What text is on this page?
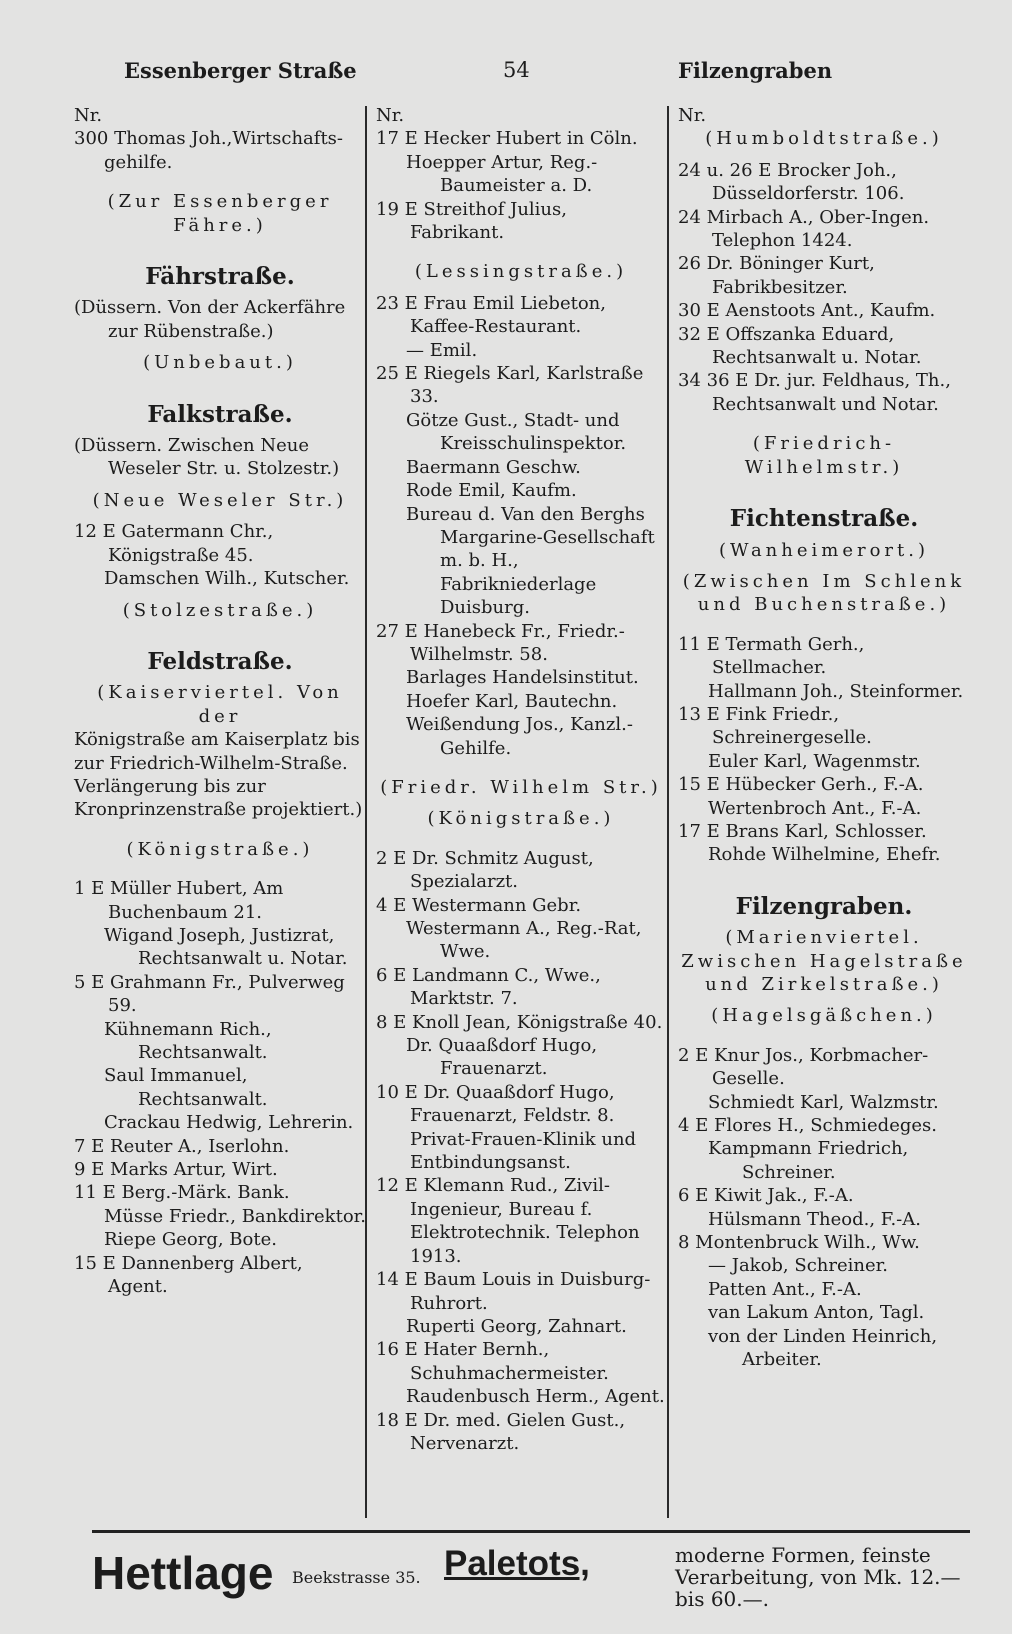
Essenberger Straße	54	Filzengraben
Nr.
300 Thomas Joh.,Wirtschafts-
gehilfe.
(Zur Essenberger
Fähre.)
Fährstraße.
(Düssern. Von der Ackerfähre zur Rübenstraße.)
(Unbebaut.)
Falkstraße.
(Düssern. Zwischen Neue Weseler Str. u. Stolzestr.)
(Neue Weseler Str.)
12 E Gatermann Chr., Königstraße 45.
Damschen Wilh., Kutscher.
(Stolzestraße.)
Feldstraße.
(Kaiserviertel. Von der
Königstraße am Kaiserplatz bis zur Friedrich-Wilhelm-Straße. Verlängerung bis zur Kronprinzenstraße projektiert.)
(Königstraße.)
1 E Müller Hubert, Am Buchenbaum 21.
Wigand Joseph, Justizrat, Rechtsanwalt u. Notar.
5 E Grahmann Fr., Pulverweg 59.
Kühnemann Rich., Rechtsanwalt.
Saul Immanuel, Rechtsanwalt.
Crackau Hedwig, Lehrerin.
7 E Reuter A., Iserlohn.
9 E Marks Artur, Wirt.
11 E Berg.-Märk. Bank.
Müsse Friedr., Bankdirektor.
Riepe Georg, Bote.
15 E Dannenberg Albert, Agent.
Nr.
17 E Hecker Hubert in Cöln.
Hoepper Artur, Reg.-Baumeister a. D.
19 E Streithof Julius, Fabrikant.
(Lessingstraße.)
23 E Frau Emil Liebeton, Kaffee-Restaurant.
— Emil.
25 E Riegels Karl, Karlstraße 33.
Götze Gust., Stadt- und Kreisschulinspektor.
Baermann Geschw.
Rode Emil, Kaufm.
Bureau d. Van den Berghs Margarine-Gesellschaft m. b. H., Fabrikniederlage Duisburg.
27 E Hanebeck Fr., Friedr.-Wilhelmstr. 58.
Barlages Handelsinstitut.
Hoefer Karl, Bautechn.
Weißendung Jos., Kanzl.-Gehilfe.
(Friedr. Wilhelm Str.)
(Königstraße.)
2 E Dr. Schmitz August, Spezialarzt.
4 E Westermann Gebr.
Westermann A., Reg.-Rat, Wwe.
6 E Landmann C., Wwe., Marktstr. 7.
8 E Knoll Jean, Königstraße 40.
Dr. Quaaßdorf Hugo, Frauenarzt.
10 E Dr. Quaaßdorf Hugo, Frauenarzt, Feldstr. 8. Privat-Frauen-Klinik und Entbindungsanst.
12 E Klemann Rud., Zivil-Ingenieur, Bureau f. Elektrotechnik. Telephon 1913.
14 E Baum Louis in Duisburg-Ruhrort.
Ruperti Georg, Zahnart.
16 E Hater Bernh., Schuhmachermeister.
Raudenbusch Herm., Agent.
18 E Dr. med. Gielen Gust., Nervenarzt.
Nr.
(Humboldtstraße.)
24 u. 26 E Brocker Joh., Düsseldorferstr. 106.
24 Mirbach A., Ober-Ingen. Telephon 1424.
26 Dr. Böninger Kurt, Fabrikbesitzer.
30 E Aenstoots Ant., Kaufm.
32 E Offszanka Eduard, Rechtsanwalt u. Notar.
34 36 E Dr. jur. Feldhaus, Th., Rechtsanwalt und Notar.
(Friedrich-Wilhelmstr.)
Fichtenstraße.
(Wanheimerort.)
(Zwischen Im Schlenk und Buchenstraße.)
11 E Termath Gerh., Stellmacher.
Hallmann Joh., Steinformer.
13 E Fink Friedr., Schreinergeselle.
Euler Karl, Wagenmstr.
15 E Hübecker Gerh., F.-A.
Wertenbroch Ant., F.-A.
17 E Brans Karl, Schlosser.
Rohde Wilhelmine, Ehefr.
Filzengraben.
(Marienviertel. Zwischen Hagelstraße und Zirkelstraße.)
(Hagelsgäßchen.)
2 E Knur Jos., Korbmacher-Geselle.
Schmiedt Karl, Walzmstr.
4 E Flores H., Schmiedeges.
Kampmann Friedrich, Schreiner.
6 E Kiwit Jak., F.-A.
Hülsmann Theod., F.-A.
8 Montenbruck Wilh., Ww.
— Jakob, Schreiner.
Patten Ant., F.-A.
van Lakum Anton, Tagl.
von der Linden Heinrich, Arbeiter.
Hettlage Beekstrasse 35. Paletots,	moderne Formen, feinste Verarbeitung, von Mk. 12.— bis 60.—.
